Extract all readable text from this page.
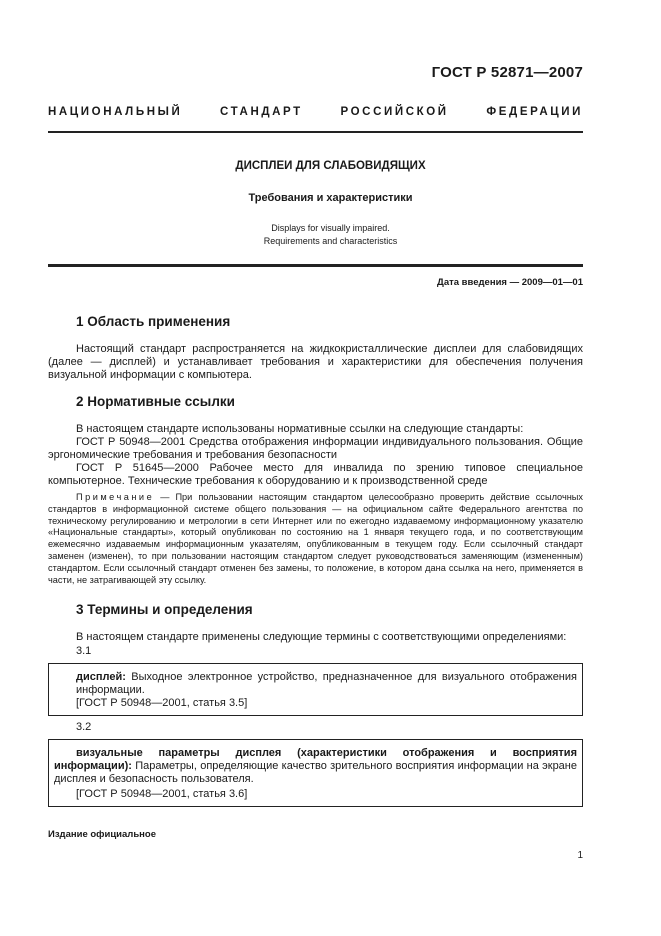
ГОСТ Р 52871—2007
НАЦИОНАЛЬНЫЙ СТАНДАРТ РОССИЙСКОЙ ФЕДЕРАЦИИ
ДИСПЛЕИ ДЛЯ СЛАБОВИДЯЩИХ
Требования и характеристики
Displays for visually impaired.
Requirements and characteristics
Дата введения — 2009—01—01
1 Область применения
Настоящий стандарт распространяется на жидкокристаллические дисплеи для слабовидящих (далее — дисплей) и устанавливает требования и характеристики для обеспечения получения визуальной информации с компьютера.
2 Нормативные ссылки
В настоящем стандарте использованы нормативные ссылки на следующие стандарты:
ГОСТ Р 50948—2001 Средства отображения информации индивидуального пользования. Общие эргономические требования и требования безопасности
ГОСТ Р 51645—2000 Рабочее место для инвалида по зрению типовое специальное компьютерное. Технические требования к оборудованию и к производственной среде
Примечание — При пользовании настоящим стандартом целесообразно проверить действие ссылочных стандартов в информационной системе общего пользования — на официальном сайте Федерального агентства по техническому регулированию и метрологии в сети Интернет или по ежегодно издаваемому информационному указателю «Национальные стандарты», который опубликован по состоянию на 1 января текущего года, и по соответствующим ежемесячно издаваемым информационным указателям, опубликованным в текущем году. Если ссылочный стандарт заменен (изменен), то при пользовании настоящим стандартом следует руководствоваться заменяющим (измененным) стандартом. Если ссылочный стандарт отменен без замены, то положение, в котором дана ссылка на него, применяется в части, не затрагивающей эту ссылку.
3 Термины и определения
В настоящем стандарте применены следующие термины с соответствующими определениями:
3.1
дисплей: Выходное электронное устройство, предназначенное для визуального отображения информации.
[ГОСТ Р 50948—2001, статья 3.5]
3.2
визуальные параметры дисплея (характеристики отображения и восприятия информации): Параметры, определяющие качество зрительного восприятия информации на экране дисплея и безопасность пользователя.
[ГОСТ Р 50948—2001, статья 3.6]
Издание официальное
1
